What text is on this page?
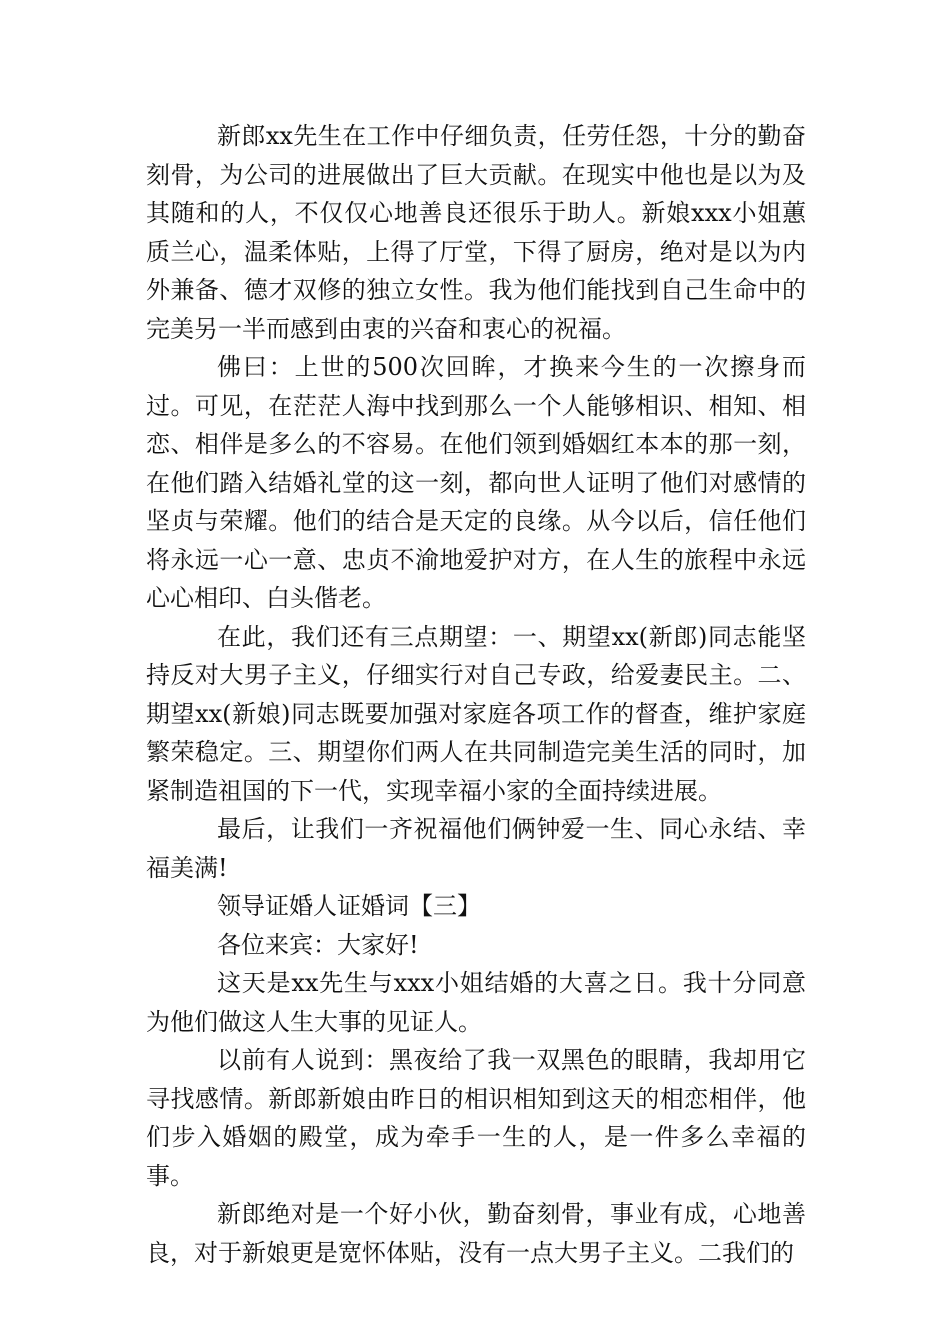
新郎xx先生在工作中仔细负责，任劳任怨，十分的勤奋刻骨，为公司的进展做出了巨大贡献。在现实中他也是以为及其随和的人，不仅仅心地善良还很乐于助人。新娘xxx小姐蕙质兰心，温柔体贴，上得了厅堂，下得了厨房，绝对是以为内外兼备、德才双修的独立女性。我为他们能找到自己生命中的完美另一半而感到由衷的兴奋和衷心的祝福。

佛曰：上世的500次回眸，才换来今生的一次擦身而过。可见，在茫茫人海中找到那么一个人能够相识、相知、相恋、相伴是多么的不容易。在他们领到婚姻红本本的那一刻，在他们踏入结婚礼堂的这一刻，都向世人证明了他们对感情的坚贞与荣耀。他们的结合是天定的良缘。从今以后，信任他们将永远一心一意、忠贞不渝地爱护对方，在人生的旅程中永远心心相印、白头偕老。

在此，我们还有三点期望：一、期望xx(新郎)同志能坚持反对大男子主义，仔细实行对自己专政，给爱妻民主。二、期望xx(新娘)同志既要加强对家庭各项工作的督查，维护家庭繁荣稳定。三、期望你们两人在共同制造完美生活的同时，加紧制造祖国的下一代，实现幸福小家的全面持续进展。

最后，让我们一齐祝福他们俩钟爱一生、同心永结、幸福美满!

领导证婚人证婚词【三】

各位来宾：大家好!

这天是xx先生与xxx小姐结婚的大喜之日。我十分同意为他们做这人生大事的见证人。

以前有人说到：黑夜给了我一双黑色的眼睛，我却用它寻找感情。新郎新娘由昨日的相识相知到这天的相恋相伴，他们步入婚姻的殿堂，成为牵手一生的人，是一件多么幸福的事。

新郎绝对是一个好小伙，勤奋刻骨，事业有成，心地善良，对于新娘更是宽怀体贴，没有一点大男子主义。二我们的
